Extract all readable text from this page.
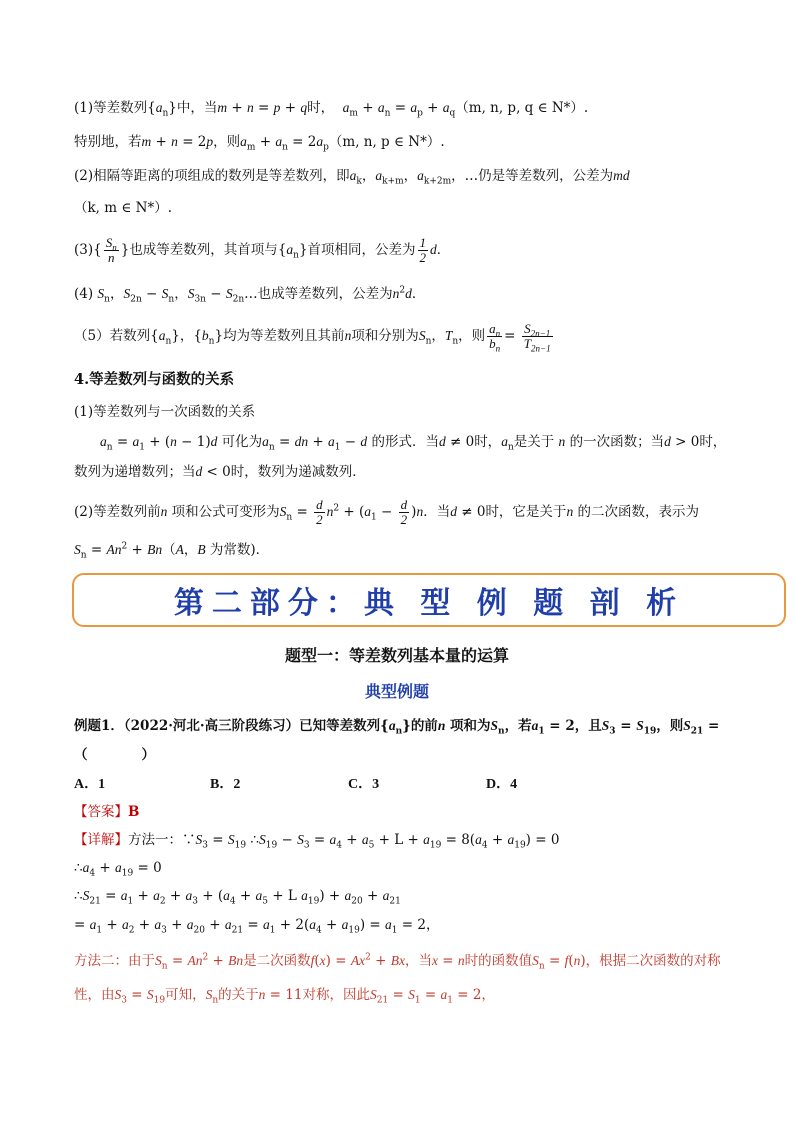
(1)等差数列$\{a_n\}$中，当m + n = p + q时， $a_m + a_n = a_p + a_q(m$, n, p, q ∈ N*）.
特别地，若m + n = 2p，则$a_m + a_n = 2a_p(m$, n, p ∈ N*）.
(2)相隔等距离的项组成的数列是等差数列，即$a_k$，$a_{k+m}$，$a_{k+2m}$，…仍是等差数列，公差为md
（k, m ∈ N*）.
$(3)\{ \frac{S_n}{n}$ }也成等差数列，其首项与$\{a_n\}$首项相同，公差为 $\frac{1}{2}$ d．
(4) $S_n$，$S_{2n} - S_n$，$S_{3n}$ − $S_{2n}\dots$也成等差数列，公差为$n^2d$．
（5）若数列$\{a_n\}$，$\{b_n\}$均为等差数列且其前n项和分别为$S_n$，$T_n$，则 $\frac{a_n}{b_n} = \frac{S_{2n-1}}{T_{2n-1}}$
4.等差数列与函数的关系
(1)等差数列与一次函数的关系
$a_n = a_1 + (n - 1)d$ 可化为$a_n$ = dn + $a_1 - d$ 的形式．当d ≠ 0时，$a_n$是关于 n 的一次函数；当d > 0时，
数列为递增数列；当d < 0时，数列为递减数列．
(2)等差数列前n 项和公式可变形为$S_n = \frac{d}{2} n^2 + (a_1 - \frac{d}{2} )n$．当d ≠ 0时，它是关于n 的二次函数，表示为
$S_n = An^2 + Bn(A$，B 为常数)．
第二部分：典 型 例 题 剖 析
题型一：等差数列基本量的运算
典型例题
例题1．（2022·河北·高三阶段练习）已知等差数列$\{a_n\}$的前n 项和为$S_n$，若$a_1 = 2$，且$S_3 = S_{19}$，则$S_{21}$ =
（　　　　）
A．1	B．2	C．3	D．4
【答案】B
【详解】方法一：$\because S_3 = S_{19}$ $\therefore S_{19} - S_3 = a_4 + a_5 + L + a_{19} = 8(a_4 + a_{19}) = 0$
$\therefore a_4 + a_{19} = 0$
$\therefore S_{21} = a_1 + a_2 + a_3 + (a_4 + a_5 + L$ $a_{19}) + a_{20} + a_{21}$
= $a_1 + a_2 + a_3 + a_{20} + a_{21} = a_1 + 2(a_4 + a_{19}) = a_1 = 2$，
方法二：由于$S_n = An^2 + Bn$是二次函数$f(x) = Ax^2 + Bx$，当x = n时的函数值$S_n = f(n)$，根据二次函数的对称
性，由$S_3 = S_{19}$可知，$S_n$的关于n = 11对称，因此$S_{21} = S_1 = a_1 = 2$，
